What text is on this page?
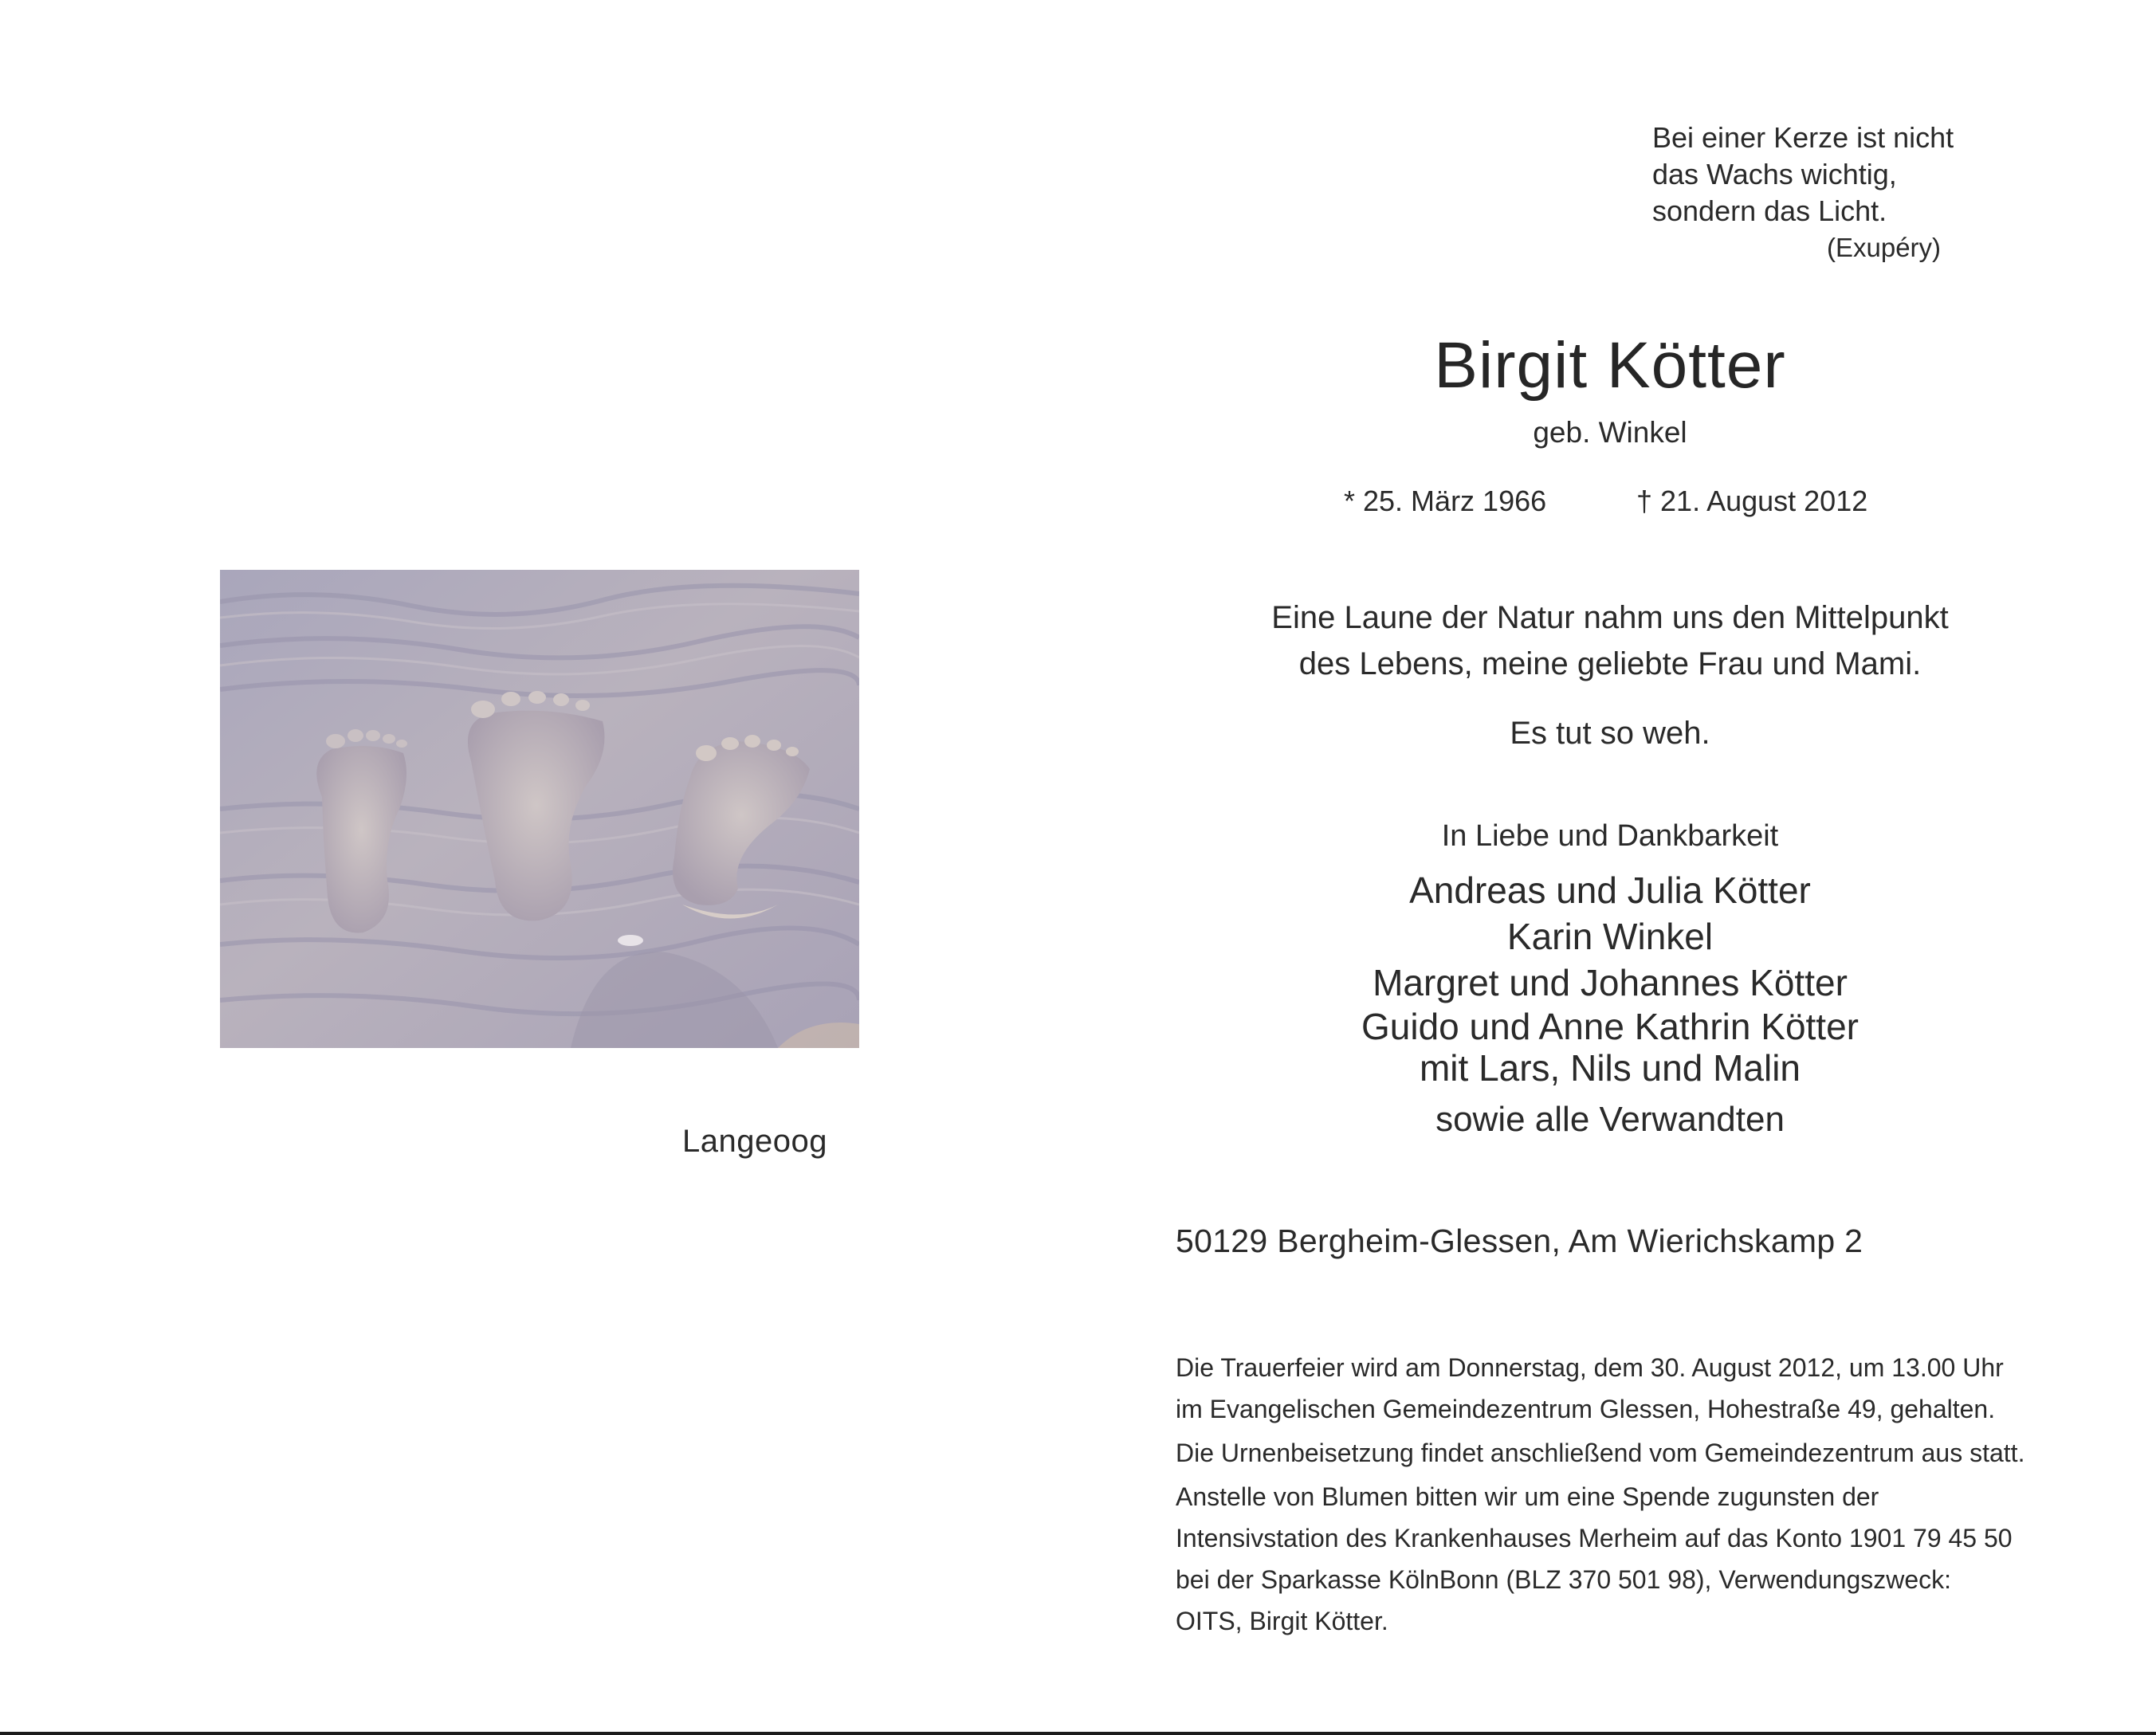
Langeoog
Bei einer Kerze ist nicht
das Wachs wichtig,
sondern das Licht.
(Exupéry)
Birgit Kötter
geb. Winkel
* 25. März 1966	† 21. August 2012
Eine Laune der Natur nahm uns den Mittelpunkt
des Lebens, meine geliebte Frau und Mami.
Es tut so weh.
In Liebe und Dankbarkeit
Andreas und Julia Kötter
Karin Winkel
Margret und Johannes Kötter
Guido und Anne Kathrin Kötter
mit Lars, Nils und Malin
sowie alle Verwandten
50129 Bergheim-Glessen, Am Wierichskamp 2
Die Trauerfeier wird am Donnerstag, dem 30. August 2012, um 13.00 Uhr
im Evangelischen Gemeindezentrum Glessen, Hohestraße 49, gehalten.
Die Urnenbeisetzung findet anschließend vom Gemeindezentrum aus statt.
Anstelle von Blumen bitten wir um eine Spende zugunsten der
Intensivstation des Krankenhauses Merheim auf das Konto 1901 79 45 50
bei der Sparkasse KölnBonn (BLZ 370 501 98), Verwendungszweck:
OITS, Birgit Kötter.
